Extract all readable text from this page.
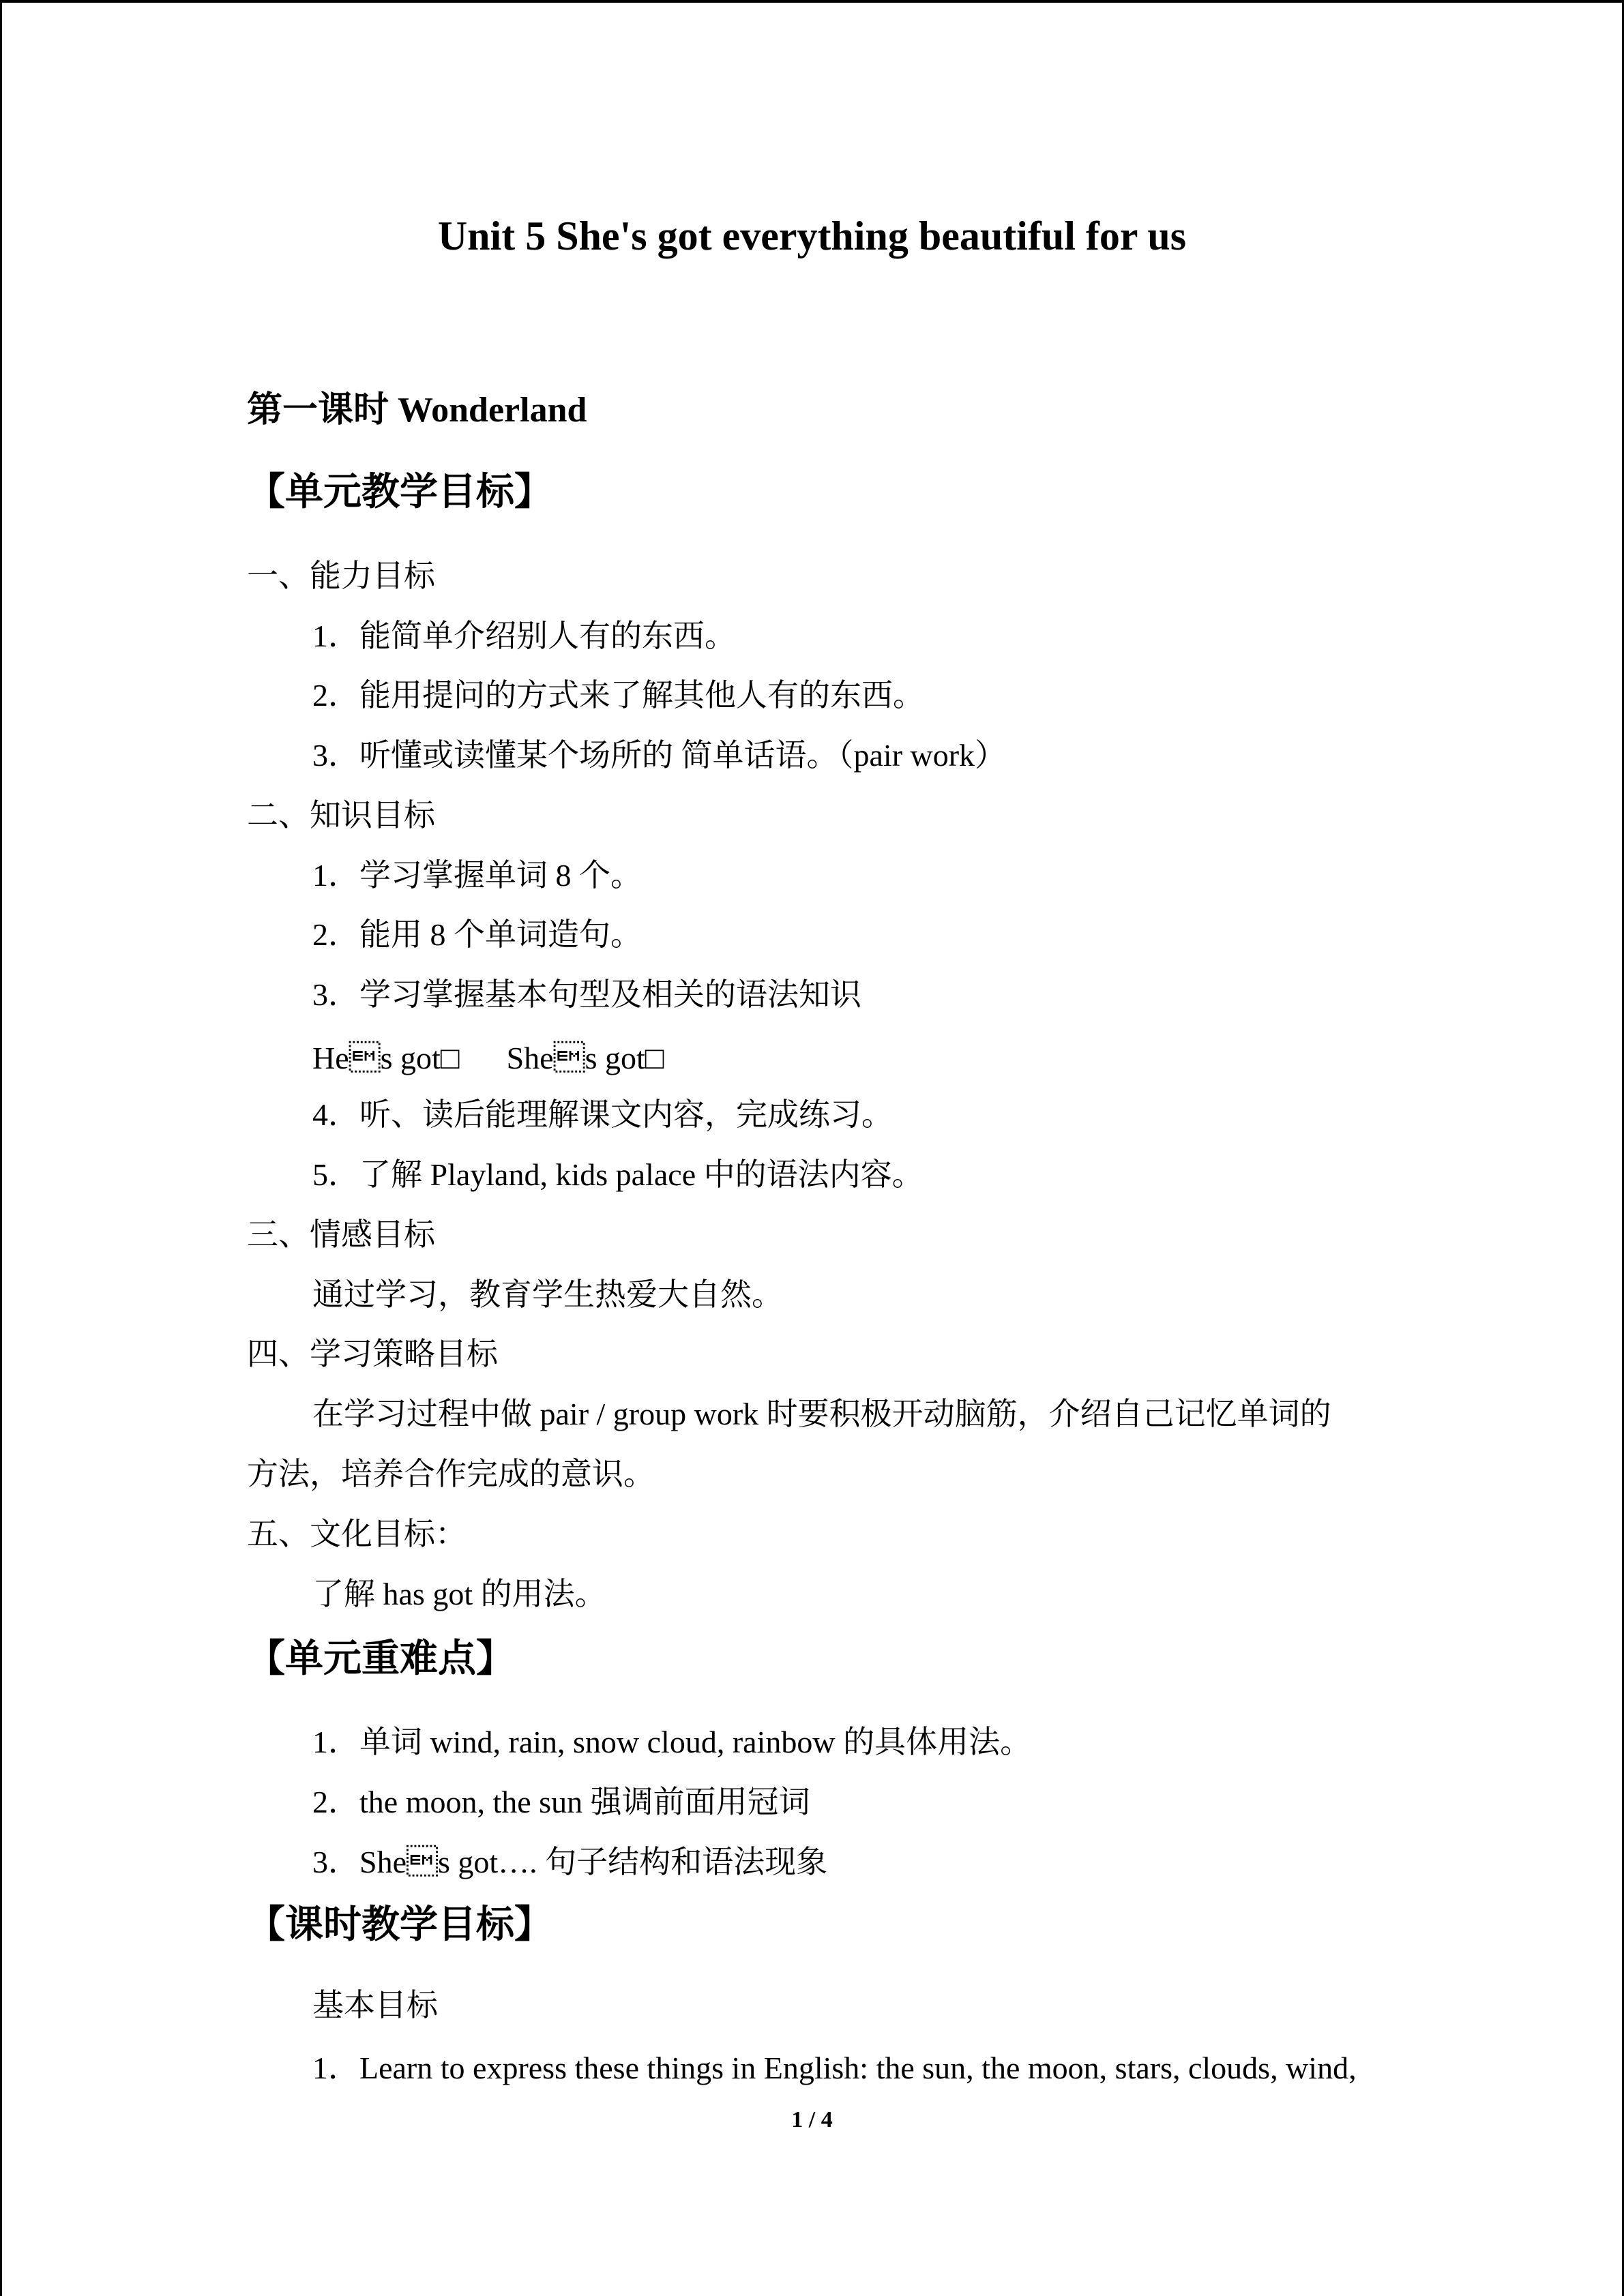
Unit 5 She's got everything beautiful for us
第一课时 Wonderland
【单元教学目标】
一、能力目标
1．能简单介绍别人有的东西。
2．能用提问的方式来了解其他人有的东西。
3．听懂或读懂某个场所的 简单话语。（pair work）
二、知识目标
1．学习掌握单词 8 个。
2．能用 8 个单词造句。
3．学习掌握基本句型及相关的语法知识
Hes got□      Shes got□
4．听、读后能理解课文内容，完成练习。
5．了解 Playland, kids palace 中的语法内容。
三、情感目标
通过学习，教育学生热爱大自然。
四、学习策略目标
在学习过程中做 pair / group work 时要积极开动脑筋，介绍自己记忆单词的
方法，培养合作完成的意识。
五、文化目标：
了解 has got 的用法。
【单元重难点】
1．单词 wind, rain, snow cloud, rainbow 的具体用法。
2．the moon, the sun 强调前面用冠词
3．Shes got…. 句子结构和语法现象
【课时教学目标】
基本目标
1．Learn to express these things in English: the sun, the moon, stars, clouds, wind,
1 / 4
